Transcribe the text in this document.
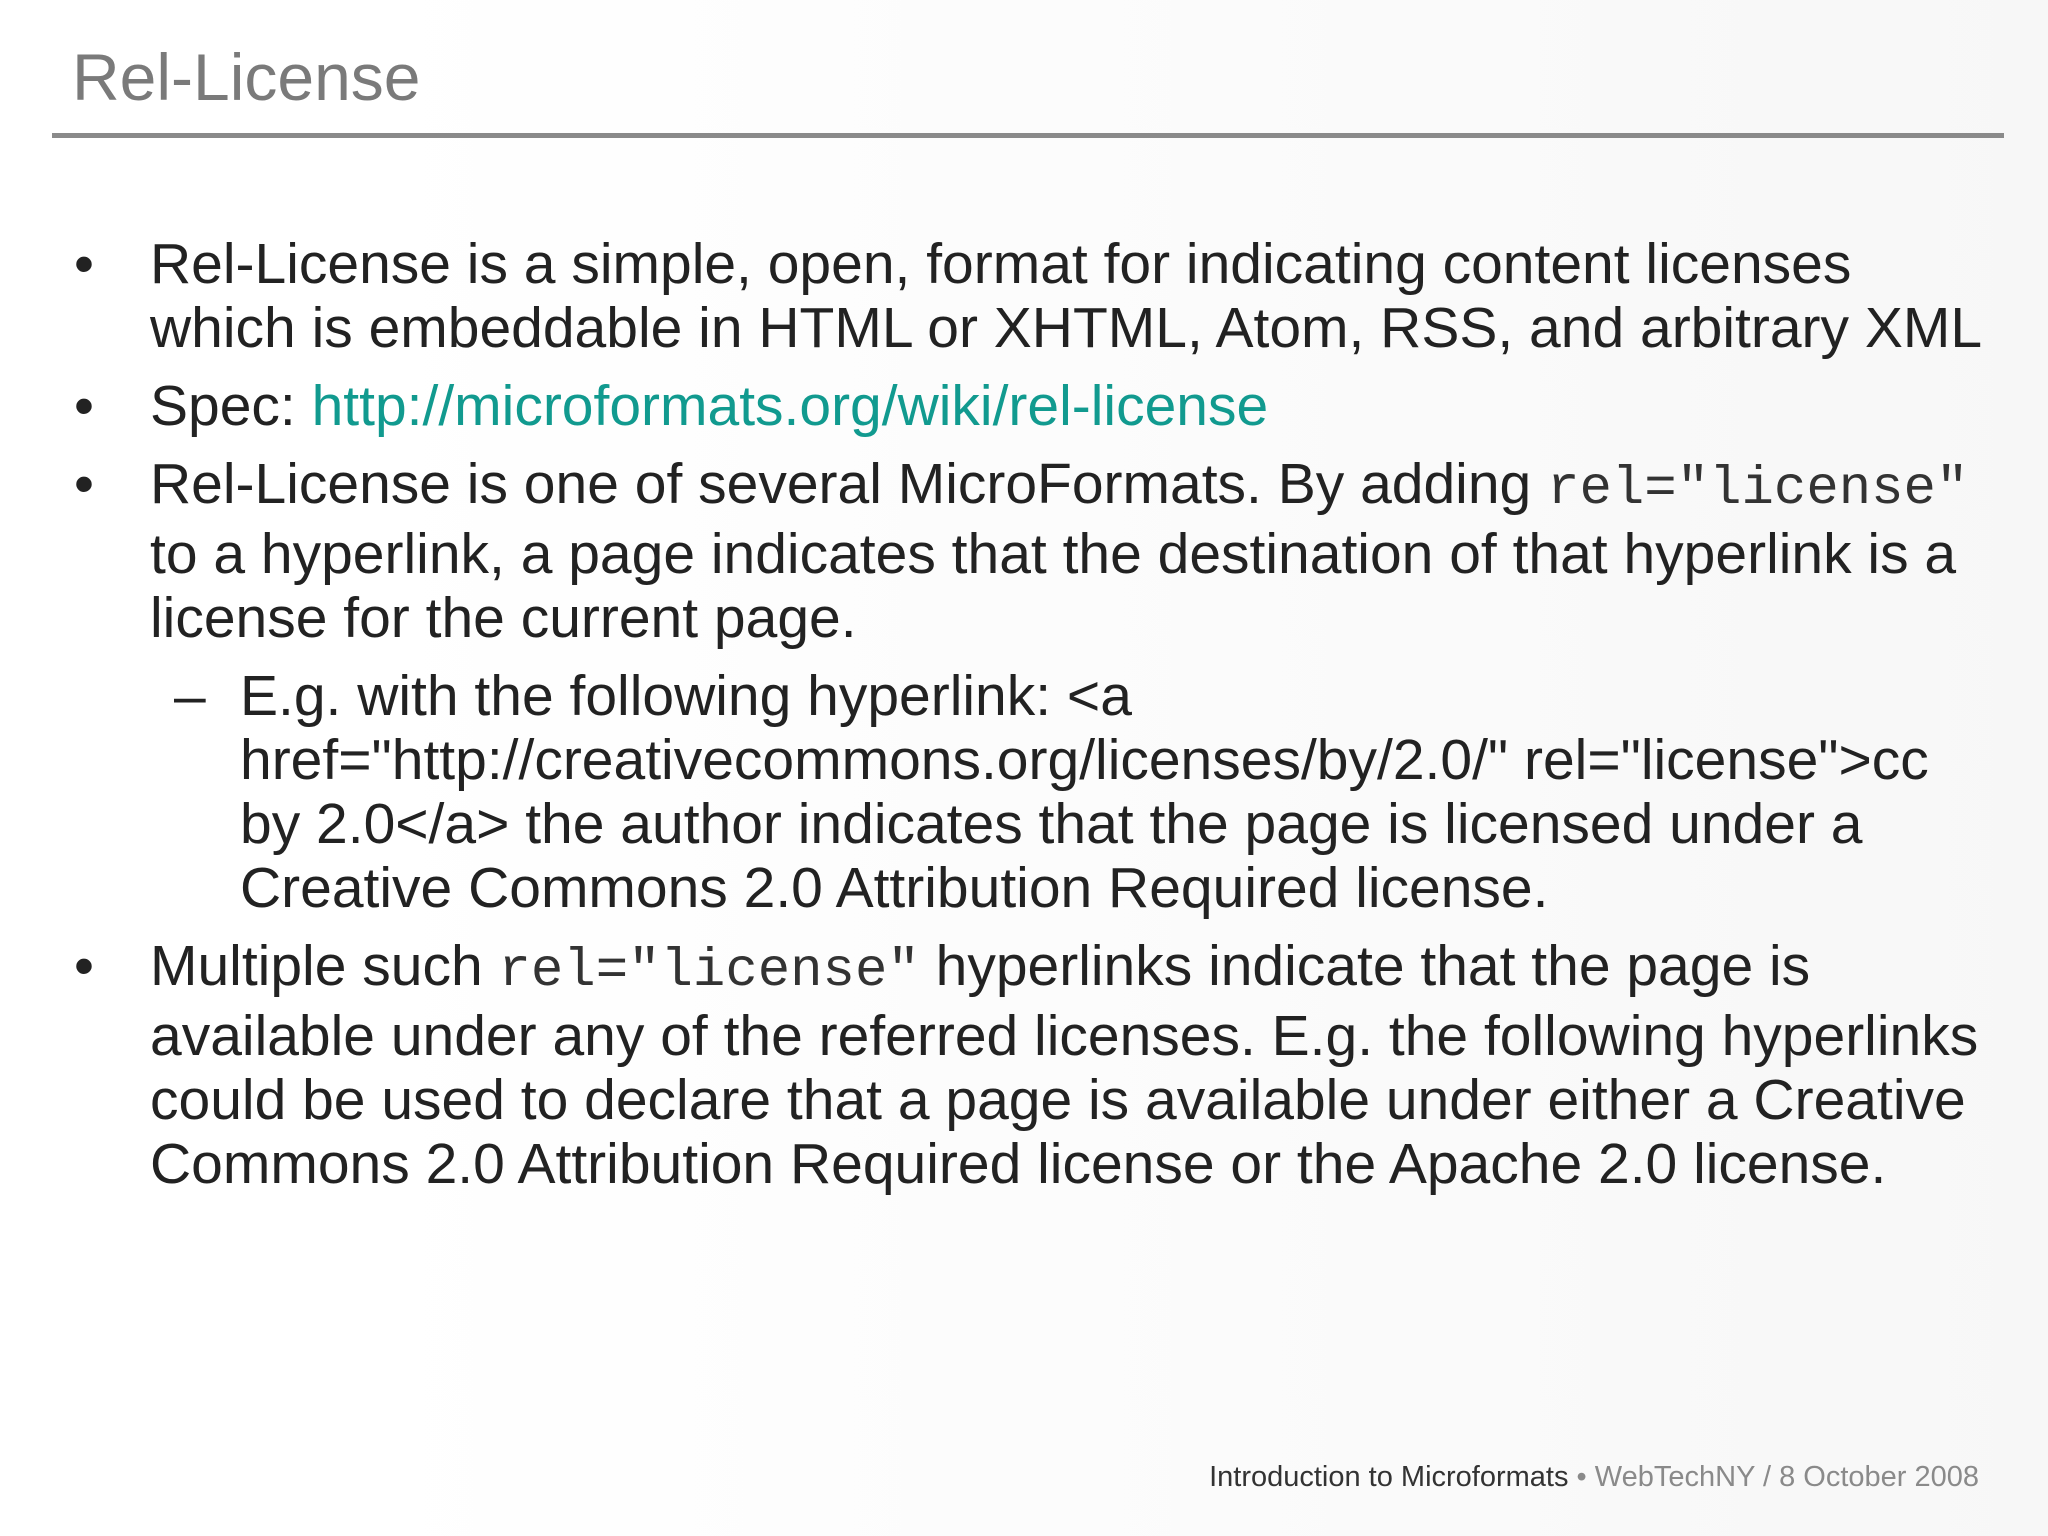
Rel-License
• Rel-License is a simple, open, format for indicating content licenses which is embeddable in HTML or XHTML, Atom, RSS, and arbitrary XML
• Spec: http://microformats.org/wiki/rel-license
• Rel-License is one of several MicroFormats. By adding rel="license" to a hyperlink, a page indicates that the destination of that hyperlink is a license for the current page.
– E.g. with the following hyperlink: <a href="http://creativecommons.org/licenses/by/2.0/" rel="license">cc by 2.0</a> the author indicates that the page is licensed under a Creative Commons 2.0 Attribution Required license.
• Multiple such rel="license" hyperlinks indicate that the page is available under any of the referred licenses. E.g. the following hyperlinks could be used to declare that a page is available under either a Creative Commons 2.0 Attribution Required license or the Apache 2.0 license.
Introduction to Microformats • WebTechNY / 8 October 2008
